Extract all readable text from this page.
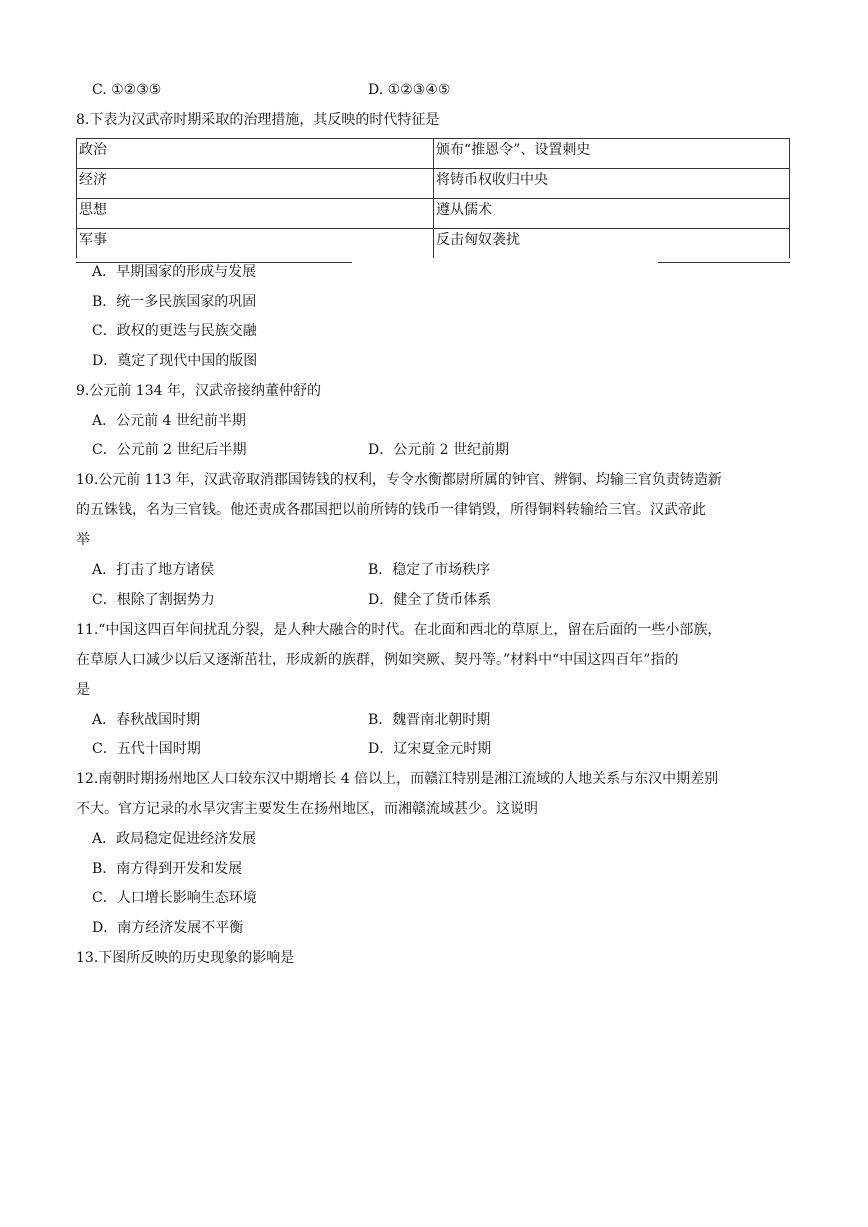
C. ①②③⑤	D. ①②③④⑤
8.下表为汉武帝时期采取的治理措施，其反映的时代特征是
政治	颁布“推恩令”、设置刺史
经济	将铸币权收归中央
思想	遵从儒术
军事	反击匈奴袭扰
A．早期国家的形成与发展
B．统一多民族国家的巩固
C．政权的更迭与民族交融
D．奠定了现代中国的版图
9.公元前 134 年，汉武帝接纳董仲舒的 
A．公元前 4 世纪前半期
C．公元前 2 世纪后半期	D．公元前 2 世纪前期
10.公元前 113 年，汉武帝取消郡国铸钱的权利，专令水衡都尉所属的钟官、辨铜、均输三官负责铸造新
的五铢钱，名为三官钱。他还责成各郡国把以前所铸的钱币一律销毁，所得铜料转输给三官。汉武帝此
举
A．打击了地方诸侯	B．稳定了市场秩序
C．根除了割据势力	D．健全了货币体系
11.“中国这四百年间扰乱分裂，是人种大融合的时代。在北面和西北的草原上，留在后面的一些小部族，
在草原人口减少以后又逐渐茁壮，形成新的族群，例如突厥、契丹等。”材料中“中国这四百年”指的
是
A．春秋战国时期	B．魏晋南北朝时期
C．五代十国时期	D．辽宋夏金元时期
12.南朝时期扬州地区人口较东汉中期增长 4 倍以上，而赣江特别是湘江流域的人地关系与东汉中期差别
不大。官方记录的水旱灾害主要发生在扬州地区，而湘赣流域甚少。这说明
A．政局稳定促进经济发展
B．南方得到开发和发展
C．人口增长影响生态环境
D．南方经济发展不平衡
13.下图所反映的历史现象的影响是
